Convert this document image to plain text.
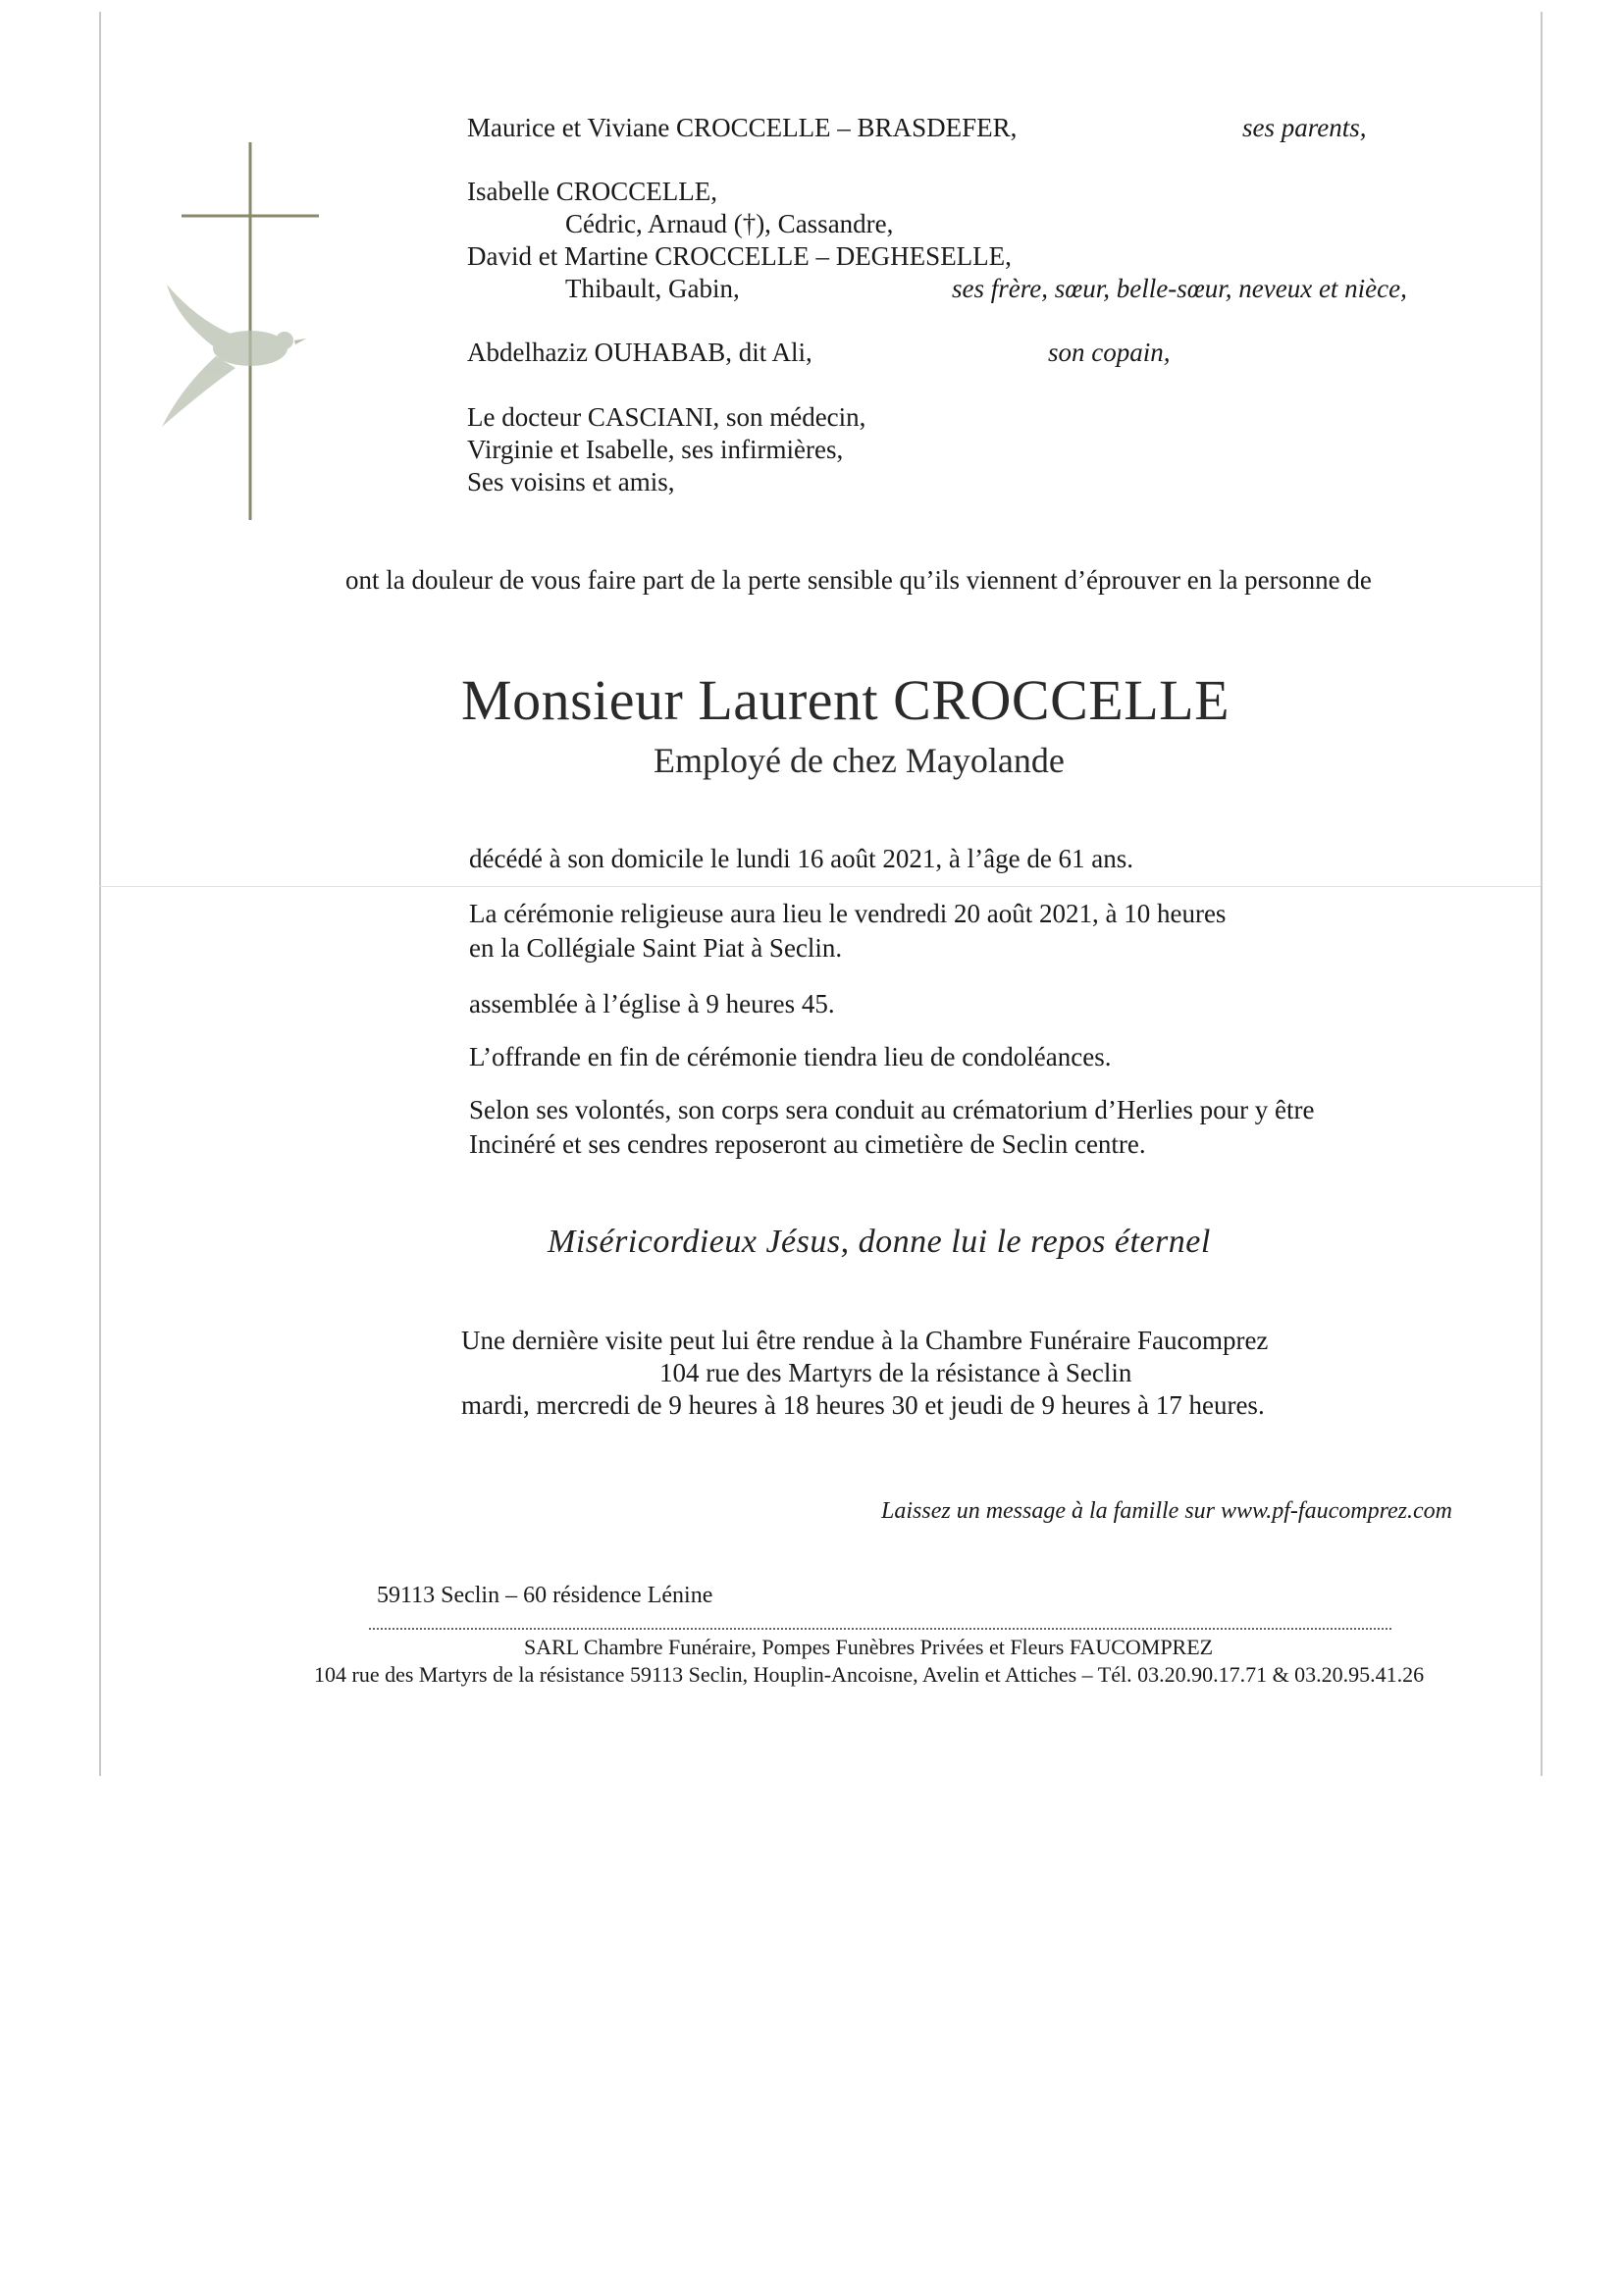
Maurice et Viviane CROCCELLE – BRASDEFER,	ses parents,
Isabelle CROCCELLE,
Cédric, Arnaud (†), Cassandre,
David et Martine CROCCELLE – DEGHESELLE,
Thibault, Gabin,	ses frère, sœur, belle-sœur, neveux et nièce,
Abdelhaziz OUHABAB, dit Ali,	son copain,
Le docteur CASCIANI, son médecin,
Virginie et Isabelle, ses infirmières,
Ses voisins et amis,
ont la douleur de vous faire part de la perte sensible qu’ils viennent d’éprouver en la personne de
Monsieur Laurent CROCCELLE
Employé de chez Mayolande
décédé à son domicile le lundi 16 août 2021, à l’âge de 61 ans.
La cérémonie religieuse aura lieu le vendredi 20 août 2021, à 10 heures
en la Collégiale Saint Piat à Seclin.
assemblée à l’église à 9 heures 45.
L’offrande en fin de cérémonie tiendra lieu de condoléances.
Selon ses volontés, son corps sera conduit au crématorium d’Herlies pour y être
Incinéré et ses cendres reposeront au cimetière de Seclin centre.
Miséricordieux Jésus, donne lui le repos éternel
Une dernière visite peut lui être rendue à la Chambre Funéraire Faucomprez
104 rue des Martyrs de la résistance à Seclin
mardi, mercredi de 9 heures à 18 heures 30 et jeudi de 9 heures à 17 heures.
Laissez un message à la famille sur www.pf-faucomprez.com
59113 Seclin – 60 résidence Lénine
SARL Chambre Funéraire, Pompes Funèbres Privées et Fleurs FAUCOMPREZ
104 rue des Martyrs de la résistance 59113 Seclin, Houplin-Ancoisne, Avelin et Attiches – Tél. 03.20.90.17.71 & 03.20.95.41.26
